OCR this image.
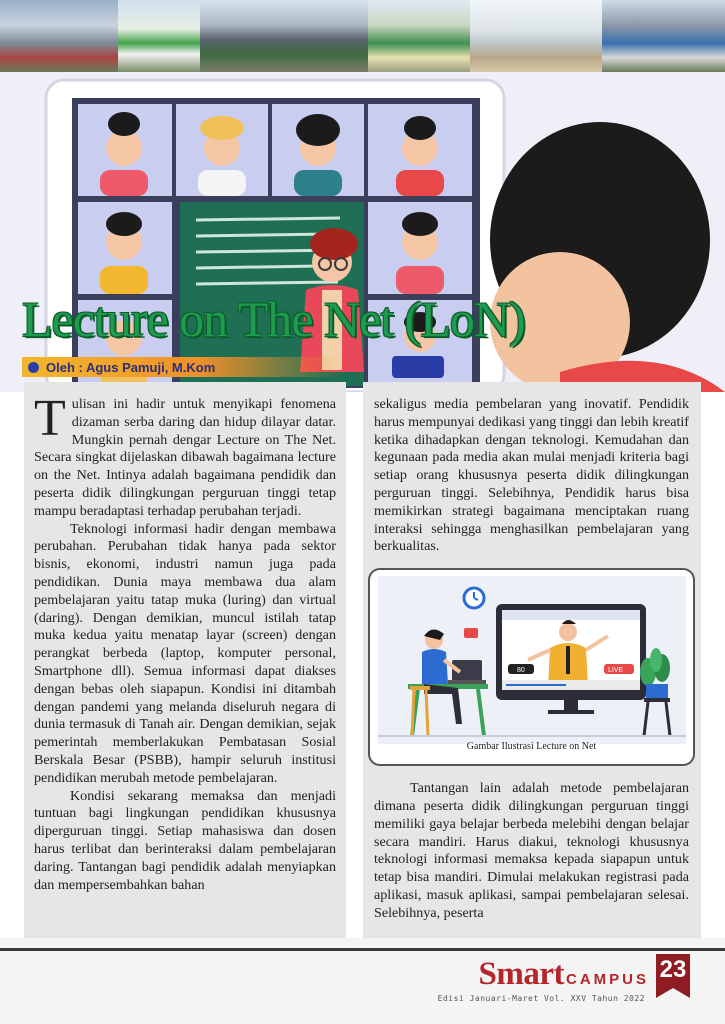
Lecture on The Net (LoN)
Oleh : Agus Pamuji, M.Kom

Tulisan ini hadir untuk menyikapi fenomena dizaman serba daring dan hidup dilayar datar. Mungkin pernah dengar Lecture on The Net. Secara singkat dijelaskan dibawah bagaimana lecture on the Net. Intinya adalah bagaimana pendidik dan peserta didik dilingkungan perguruan tinggi tetap mampu beradaptasi terhadap perubahan terjadi.

Teknologi informasi hadir dengan membawa perubahan. Perubahan tidak hanya pada sektor bisnis, ekonomi, industri namun juga pada pendidikan. Dunia maya membawa dua alam pembelajaran yaitu tatap muka (luring) dan virtual (daring). Dengan demikian, muncul istilah tatap muka kedua yaitu menatap layar (screen) dengan perangkat berbeda (laptop, komputer personal, Smartphone dll). Semua informasi dapat diakses dengan bebas oleh siapapun. Kondisi ini ditambah dengan pandemi yang melanda diseluruh negara di dunia termasuk di Tanah air. Dengan demikian, sejak pemerintah memberlakukan Pembatasan Sosial Berskala Besar (PSBB), hampir seluruh institusi pendidikan merubah metode pembelajaran.

Kondisi sekarang memaksa dan menjadi tuntuan bagi lingkungan pendidikan khususnya diperguruan tinggi. Setiap mahasiswa dan dosen harus terlibat dan berinteraksi dalam pembelajaran daring. Tantangan bagi pendidik adalah menyiapkan dan mempersembahkan bahan

sekaligus media pembelaran yang inovatif. Pendidik harus mempunyai dedikasi yang tinggi dan lebih kreatif ketika dihadapkan dengan teknologi. Kemudahan dan kegunaan pada media akan mulai menjadi kriteria bagi setiap orang khususnya peserta didik dilingkungan perguruan tinggi. Selebihnya, Pendidik harus bisa memikirkan strategi bagaimana menciptakan ruang interaksi sehingga menghasilkan pembelajaran yang berkualitas.

80	LIVE
Gambar Ilustrasi Lecture on Net

Tantangan lain adalah metode pembelajaran dimana peserta didik dilingkungan perguruan tinggi memiliki gaya belajar berbeda melebihi dengan belajar secara mandiri. Harus diakui, teknologi khususnya teknologi informasi memaksa kepada siapapun untuk tetap bisa mandiri. Dimulai melakukan registrasi pada aplikasi, masuk aplikasi, sampai pembelajaran selesai. Selebihnya, peserta

Smart CAMPUS
Edisi Januari-Maret Vol. XXV Tahun 2022
23
